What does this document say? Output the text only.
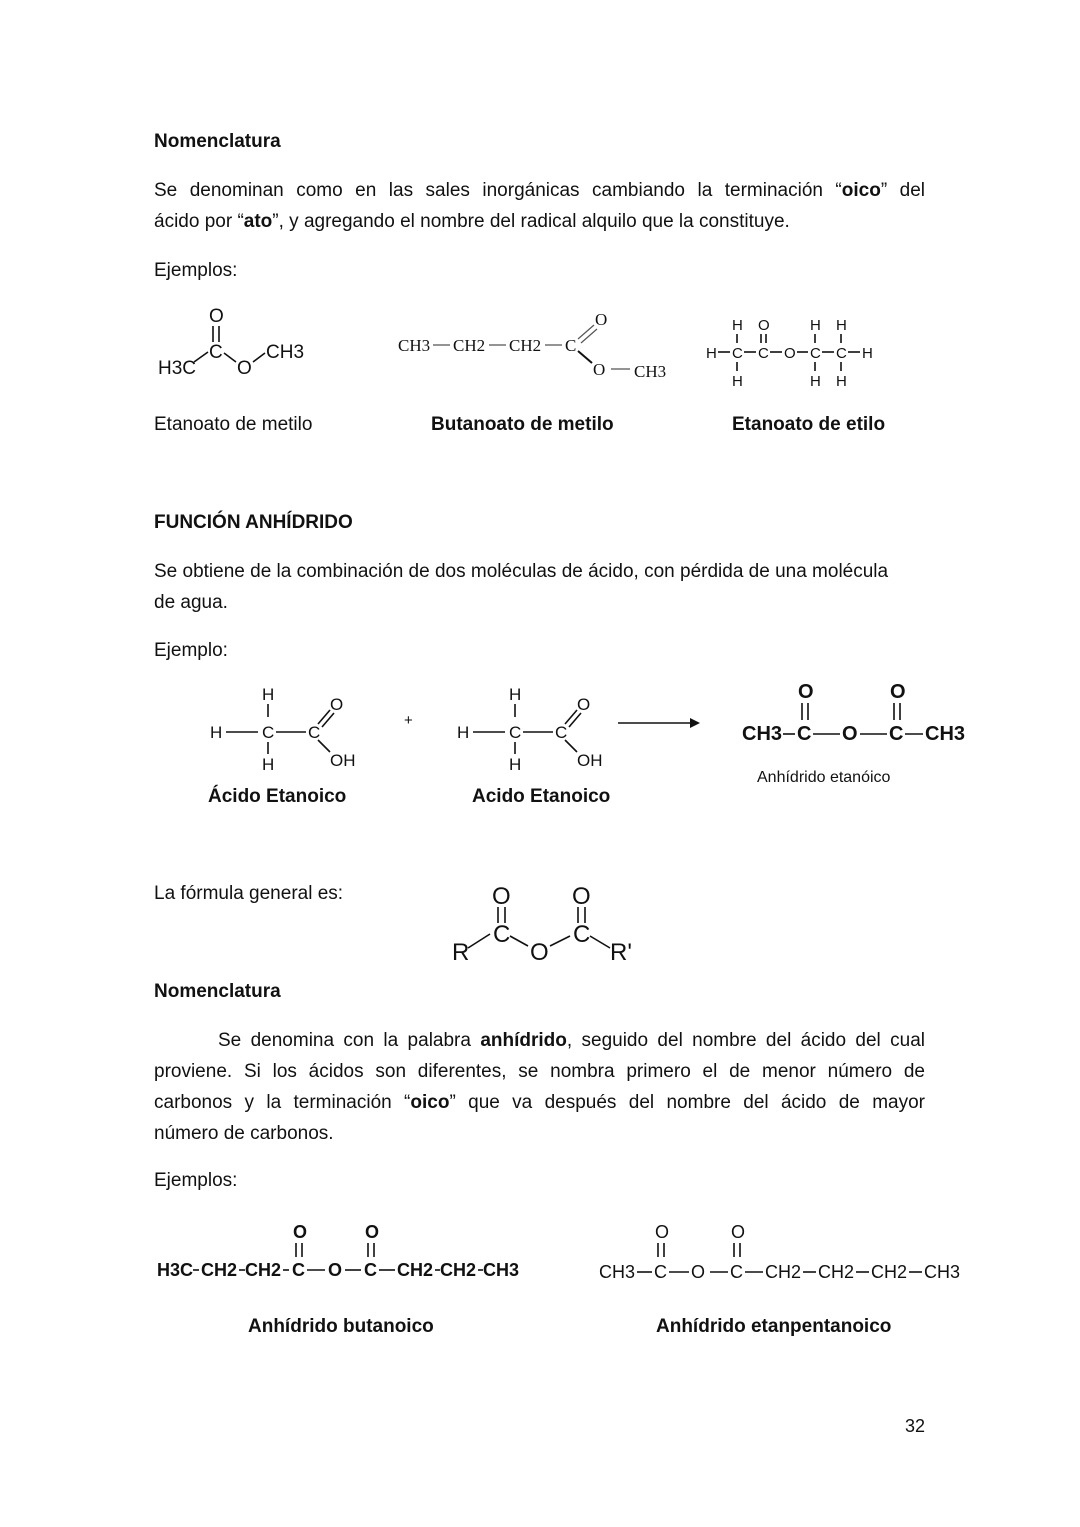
Nomenclatura
Se denominan como en las sales inorgánicas cambiando la terminación “oico” del
ácido por “ato”, y agregando el nombre del radical alquilo que la constituye.
Ejemplos:
O
C
H3C O
CH3	CH3 CH2 CH2 C
O
O CH3
H O	H H
H C C O C C H
H	H H
Etanoato de metilo	Butanoato de metilo	Etanoato de etilo
FUNCIÓN ANHÍDRIDO
Se obtiene de la combinación de dos moléculas de ácido, con pérdida de una molécula
de agua.
Ejemplo:
H
H C C
O
H	OH
+
H
H C C
O
H	OH
O	O
CH3 C O C CH3
Anhídrido etanóico
Ácido Etanoico	Acido Etanoico
La fórmula general es:	O	O
R
C
O
C
R'
Nomenclatura
Se denomina con la palabra anhídrido, seguido del nombre del ácido del cual
proviene. Si los ácidos son diferentes, se nombra primero el de menor número de
carbonos y la terminación “oico” que va después del nombre del ácido de mayor
número de carbonos.
Ejemplos:
O	O
H3C CH2 CH2 C O C CH2 CH2 CH3
O	O
CH3 C O C CH2 CH2 CH2 CH3
Anhídrido butanoico	Anhídrido etanpentanoico
32
